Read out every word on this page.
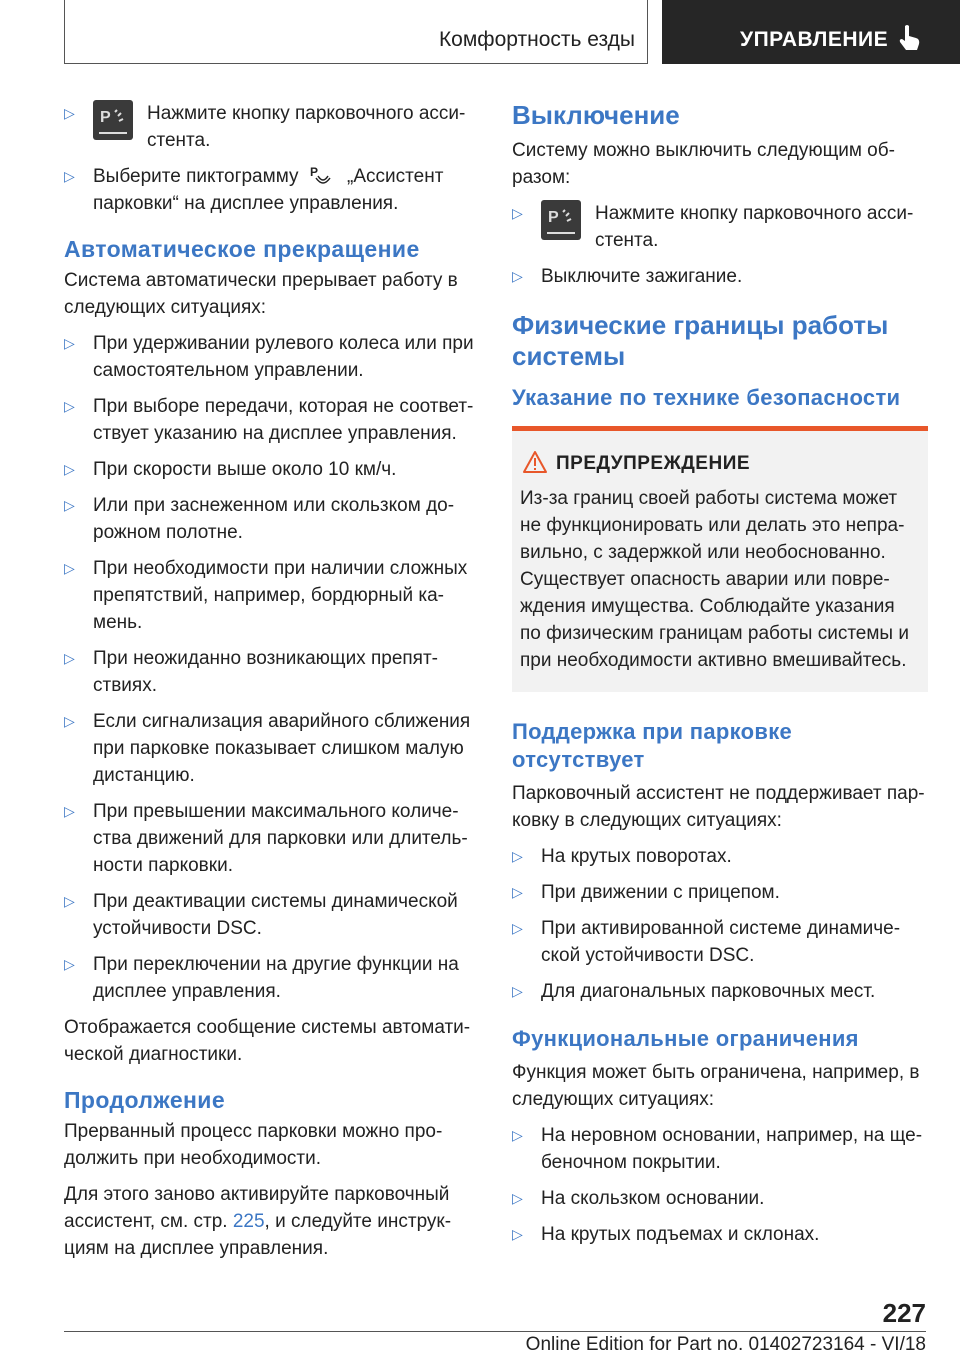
Комфортность езды	УПРАВЛЕНИЕ
▷ P Нажмите кнопку парковочного асси-стента.
▷ Выберите пиктограмму P „Ассистент парковки“ на дисплее управления.
Автоматическое прекращение

Система автоматически прерывает работу в следующих ситуациях:

▷ При удерживании рулевого колеса или при самостоятельном управлении.
▷ При выборе передачи, которая не соответ-ствует указанию на дисплее управления.
▷ При скорости выше около 10 км/ч.
▷ Или при заснеженном или скользком до-рожном полотне.
▷ При необходимости при наличии сложных препятствий, например, бордюрный ка-мень.
▷ При неожиданно возникающих препят-ствиях.
▷ Если сигнализация аварийного сближения при парковке показывает слишком малую дистанцию.
▷ При превышении максимального количе-ства движений для парковки или длитель-ности парковки.
▷ При деактивации системы динамической устойчивости DSC.
▷ При переключении на другие функции на дисплее управления.

Отображается сообщение системы автомати-ческой диагностики.

Продолжение

Прерванный процесс парковки можно про-должить при необходимости.

Для этого заново активируйте парковочный ассистент, см. стр. 225, и следуйте инструк-циям на дисплее управления.

Выключение

Систему можно выключить следующим об-разом:

▷ P Нажмите кнопку парковочного асси-стента.
▷ Выключите зажигание.
Физические границы работы системы
Указание по технике безопасности
ПРЕДУПРЕЖДЕНИЕ

Из-за границ своей работы система может не функционировать или делать это непра-вильно, с задержкой или необоснованно. Существует опасность аварии или повре-ждения имущества. Соблюдайте указания по физическим границам работы системы и при необходимости активно вмешивайтесь.

Поддержка при парковке отсутствует

Парковочный ассистент не поддерживает пар-ковку в следующих ситуациях:

▷ На крутых поворотах.
▷ При движении с прицепом.
▷ При активированной системе динамиче-ской устойчивости DSC.
▷ Для диагональных парковочных мест.
Функциональные ограничения

Функция может быть ограничена, например, в следующих ситуациях:

▷ На неровном основании, например, на ще-беночном покрытии.
▷ На скользком основании.
▷ На крутых подъемах и склонах.
227
Online Edition for Part no. 01402723164 - VI/18
